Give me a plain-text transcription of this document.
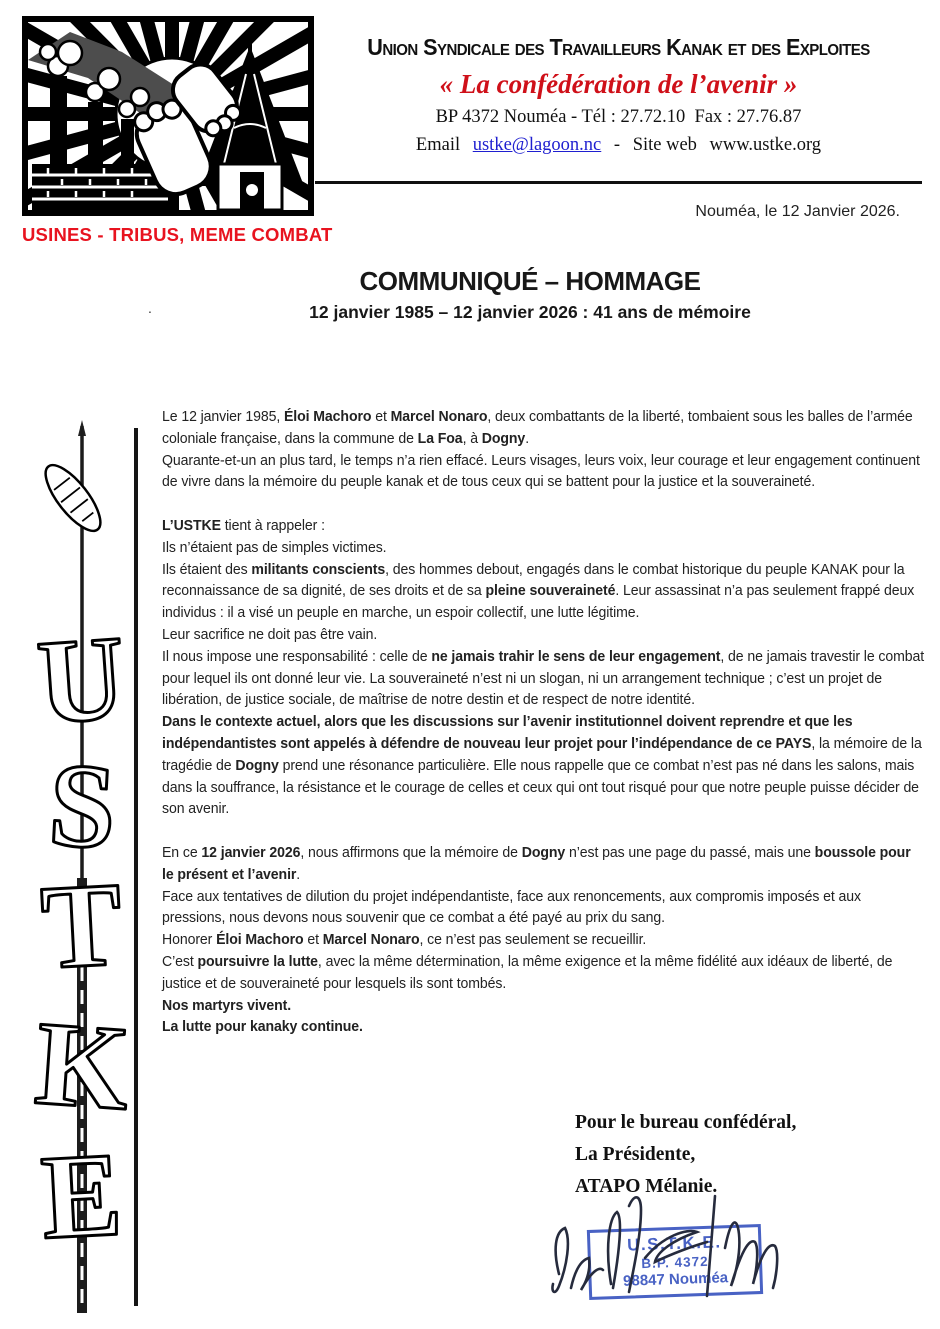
USINES - TRIBUS, MEME COMBAT
Union Syndicale des Travailleurs Kanak et des Exploites
« La confédération de l’avenir »
BP 4372 Nouméa - Tél : 27.72.10  Fax : 27.76.87
Email ustke@lagoon.nc - Site web www.ustke.org
Nouméa, le 12 Janvier 2026.
COMMUNIQUÉ – HOMMAGE
12 janvier 1985 – 12 janvier 2026 : 41 ans de mémoire
.
U
S
T
K
E

Le 12 janvier 1985, Éloi Machoro et Marcel Nonaro, deux combattants de la liberté, tombaient sous les balles de l’armée coloniale française, dans la commune de La Foa, à Dogny.
Quarante-et-un an plus tard, le temps n’a rien effacé. Leurs visages, leurs voix, leur courage et leur engagement continuent de vivre dans la mémoire du peuple kanak et de tous ceux qui se battent pour la justice et la souveraineté.

L’USTKE tient à rappeler :
Ils n’étaient pas de simples victimes.
Ils étaient des militants conscients, des hommes debout, engagés dans le combat historique du peuple KANAK pour la reconnaissance de sa dignité, de ses droits et de sa pleine souveraineté. Leur assassinat n’a pas seulement frappé deux individus : il a visé un peuple en marche, un espoir collectif, une lutte légitime.
Leur sacrifice ne doit pas être vain.
Il nous impose une responsabilité : celle de ne jamais trahir le sens de leur engagement, de ne jamais travestir le combat pour lequel ils ont donné leur vie. La souveraineté n’est ni un slogan, ni un arrangement technique ; c’est un projet de libération, de justice sociale, de maîtrise de notre destin et de respect de notre identité.
Dans le contexte actuel, alors que les discussions sur l’avenir institutionnel doivent reprendre et que les indépendantistes sont appelés à défendre de nouveau leur projet pour l’indépendance de ce PAYS, la mémoire de la tragédie de Dogny prend une résonance particulière. Elle nous rappelle que ce combat n’est pas né dans les salons, mais dans la souffrance, la résistance et le courage de celles et ceux qui ont tout risqué pour que notre peuple puisse décider de son avenir.

En ce 12 janvier 2026, nous affirmons que la mémoire de Dogny n’est pas une page du passé, mais une boussole pour le présent et l’avenir.
Face aux tentatives de dilution du projet indépendantiste, face aux renoncements, aux compromis imposés et aux pressions, nous devons nous souvenir que ce combat a été payé au prix du sang.
Honorer Éloi Machoro et Marcel Nonaro, ce n’est pas seulement se recueillir.
C’est poursuivre la lutte, avec la même détermination, la même exigence et la même fidélité aux idéaux de liberté, de justice et de souveraineté pour lesquels ils sont tombés.
Nos martyrs vivent.
La lutte pour kanaky continue.

Pour le bureau confédéral,
La Présidente,
ATAPO Mélanie.
U.S.T.K.E.
B.P. 4372
98847 Nouméa
